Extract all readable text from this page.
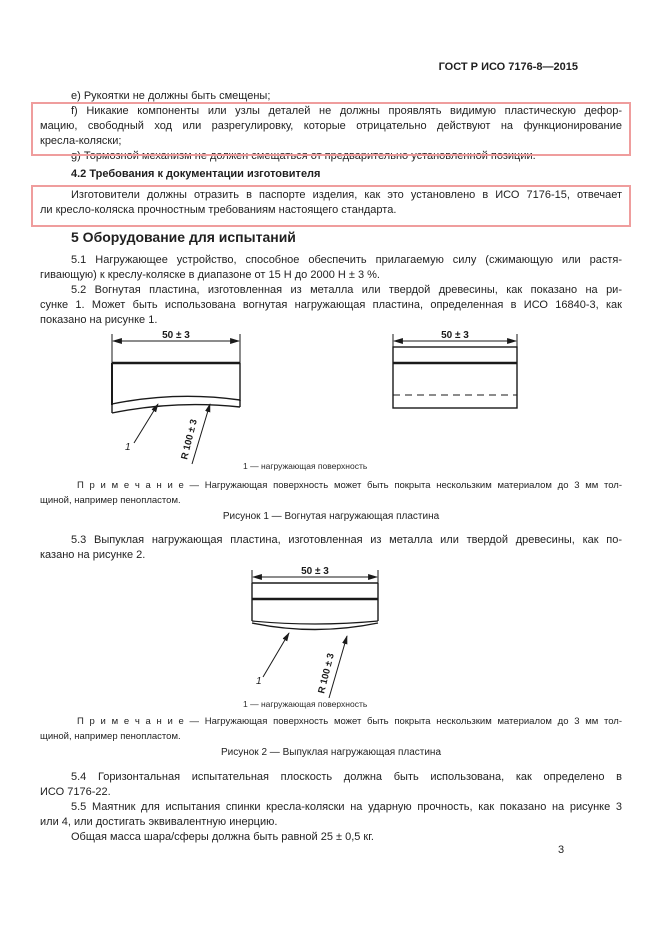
ГОСТ Р ИСО 7176-8—2015
e) Рукоятки не должны быть смещены;
f) Никакие компоненты или узлы деталей не должны проявлять видимую пластическую дефор-
мацию, свободный ход или разрегулировку, которые отрицательно действуют на функционирование
кресла-коляски;
g) Тормозной механизм не должен смещаться от предварительно установленной позиции.
4.2 Требования к документации изготовителя
Изготовители должны отразить в паспорте изделия, как это установлено в ИСО 7176-15, отвечает
ли кресло-коляска прочностным требованиям настоящего стандарта.
5 Оборудование для испытаний
5.1 Нагружающее устройство, способное обеспечить прилагаемую силу (сжимающую или растя-
гивающую) к креслу-коляске в диапазоне от 15 Н до 2000 Н ± 3 %.
5.2 Вогнутая пластина, изготовленная из металла или твердой древесины, как показано на ри-
сунке 1. Может быть использована вогнутая нагружающая пластина, определенная в ИСО 16840-3, как
показано на рисунке 1.
50 ± 3
1	R 100 ± 3
50 ± 3
1 — нагружающая поверхность
П р и м е ч а н и е — Нагружающая поверхность может быть покрыта нескользким материалом до 3 мм тол-
щиной, например пенопластом.
Рисунок 1 — Вогнутая нагружающая пластина
5.3 Выпуклая нагружающая пластина, изготовленная из металла или твердой древесины, как по-
казано на рисунке 2.
50 ± 3
1	R 100 ± 3
1 — нагружающая поверхность
П р и м е ч а н и е — Нагружающая поверхность может быть покрыта нескользким материалом до 3 мм тол-
щиной, например пенопластом.
Рисунок 2 — Выпуклая нагружающая пластина
5.4 Горизонтальная испытательная плоскость должна быть использована, как определено в
ИСО 7176-22.
5.5 Маятник для испытания спинки кресла-коляски на ударную прочность, как показано на рисунке 3
или 4, или достигать эквивалентную инерцию.
Общая масса шара/сферы должна быть равной 25 ± 0,5 кг.
3
